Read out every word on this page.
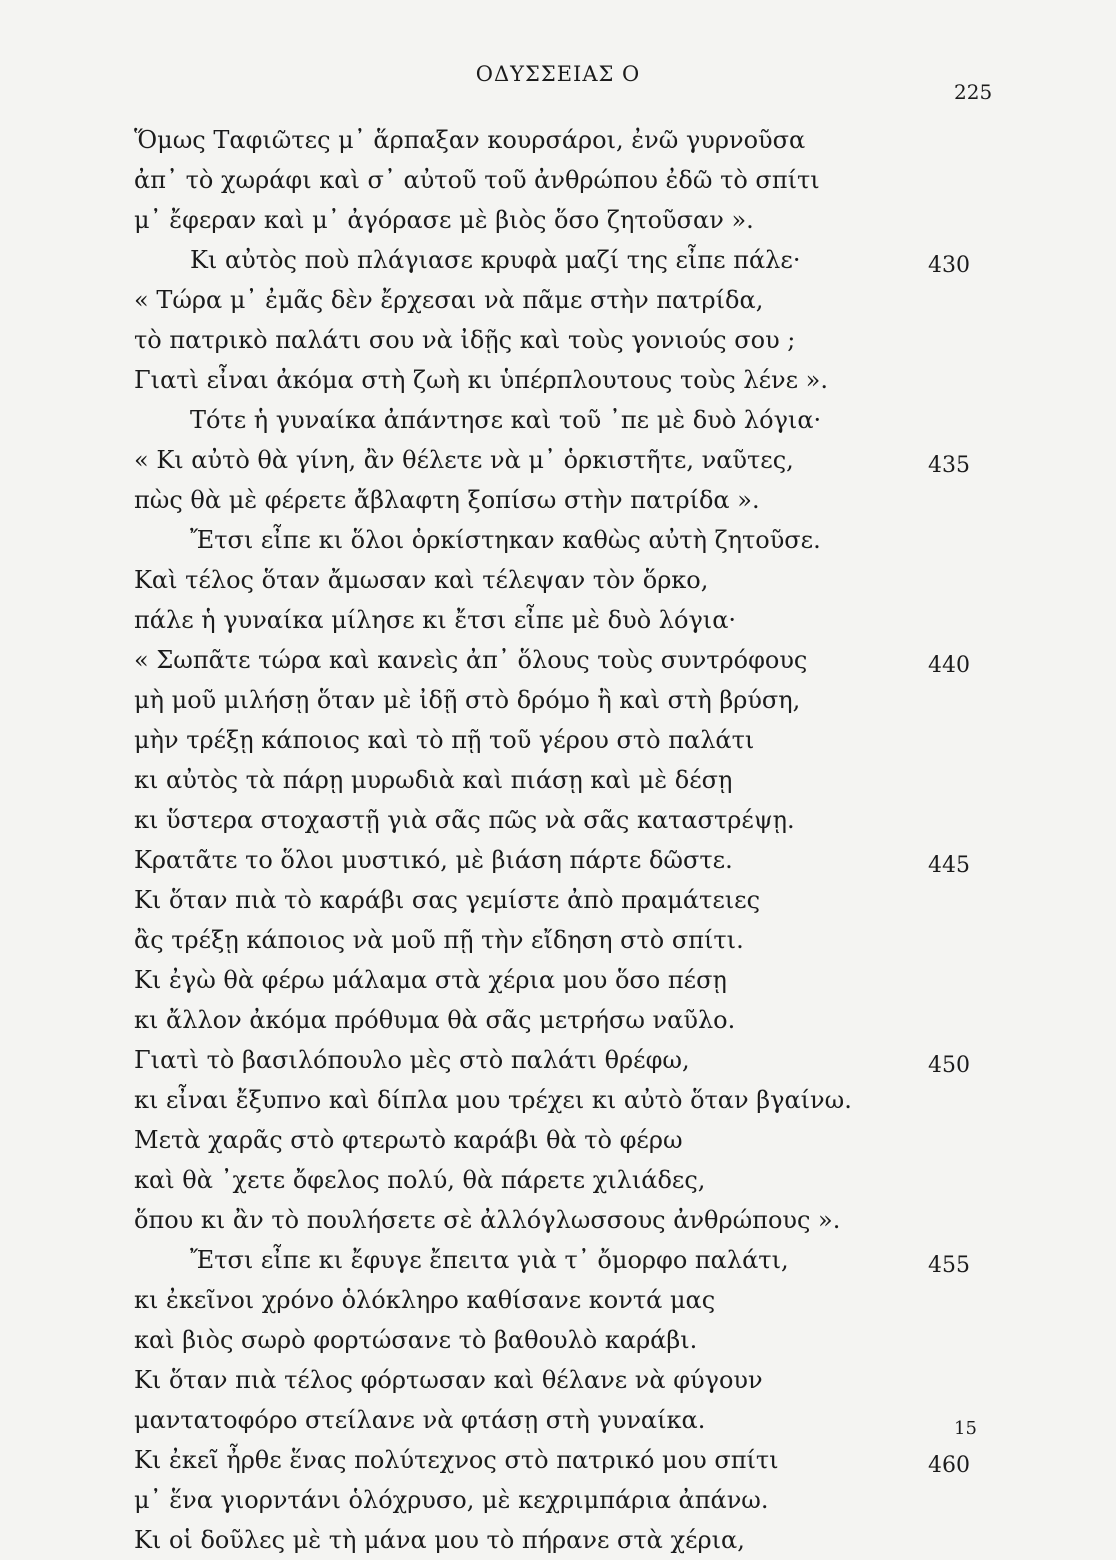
ΟΔΥΣΣΕΙΑΣ Ο
225
Ὅμως Ταφιῶτες μ᾽ ἅρπαξαν κουρσάροι, ἐνῶ γυρνοῦσα
ἀπ᾽ τὸ χωράφι καὶ σ᾽ αὐτοῦ τοῦ ἀνθρώπου ἐδῶ τὸ σπίτι
μ᾽ ἔφεραν καὶ μ᾽ ἀγόρασε μὲ βιὸς ὅσο ζητοῦσαν ».
Κι αὐτὸς ποὺ πλάγιασε κρυφὰ μαζί της εἶπε πάλε·	430
« Τώρα μ᾽ ἐμᾶς δὲν ἔρχεσαι νὰ πᾶμε στὴν πατρίδα,
τὸ πατρικὸ παλάτι σου νὰ ἰδῇς καὶ τοὺς γονιούς σου ;
Γιατὶ εἶναι ἀκόμα στὴ ζωὴ κι ὑπέρπλουτους τοὺς λένε ».
Τότε ἡ γυναίκα ἀπάντησε καὶ τοῦ ᾽πε μὲ δυὸ λόγια·
« Κι αὐτὸ θὰ γίνη, ἂν θέλετε νὰ μ᾽ ὁρκιστῆτε, ναῦτες,	435
πὼς θὰ μὲ φέρετε ἄβλαφτη ξοπίσω στὴν πατρίδα ».
Ἔτσι εἶπε κι ὅλοι ὁρκίστηκαν καθὼς αὐτὴ ζητοῦσε.
Καὶ τέλος ὅταν ἄμωσαν καὶ τέλεψαν τὸν ὅρκο,
πάλε ἡ γυναίκα μίλησε κι ἔτσι εἶπε μὲ δυὸ λόγια·
« Σωπᾶτε τώρα καὶ κανεὶς ἀπ᾽ ὅλους τοὺς συντρόφους	440
μὴ μοῦ μιλήσῃ ὅταν μὲ ἰδῇ στὸ δρόμο ἢ καὶ στὴ βρύση,
μὴν τρέξῃ κάποιος καὶ τὸ πῇ τοῦ γέρου στὸ παλάτι
κι αὐτὸς τὰ πάρῃ μυρωδιὰ καὶ πιάσῃ καὶ μὲ δέσῃ
κι ὕστερα στοχαστῇ γιὰ σᾶς πῶς νὰ σᾶς καταστρέψῃ.
Κρατᾶτε το ὅλοι μυστικό, μὲ βιάση πάρτε δῶστε.	445
Κι ὅταν πιὰ τὸ καράβι σας γεμίστε ἀπὸ πραμάτειες
ἂς τρέξῃ κάποιος νὰ μοῦ πῇ τὴν εἴδηση στὸ σπίτι.
Κι ἐγὼ θὰ φέρω μάλαμα στὰ χέρια μου ὅσο πέσῃ
κι ἄλλον ἀκόμα πρόθυμα θὰ σᾶς μετρήσω ναῦλο.
Γιατὶ τὸ βασιλόπουλο μὲς στὸ παλάτι θρέφω,	450
κι εἶναι ἔξυπνο καὶ δίπλα μου τρέχει κι αὐτὸ ὅταν βγαίνω.
Μετὰ χαρᾶς στὸ φτερωτὸ καράβι θὰ τὸ φέρω
καὶ θὰ ᾽χετε ὄφελος πολύ, θὰ πάρετε χιλιάδες,
ὅπου κι ἂν τὸ πουλήσετε σὲ ἀλλόγλωσσους ἀνθρώπους ».
Ἔτσι εἶπε κι ἔφυγε ἔπειτα γιὰ τ᾽ ὄμορφο παλάτι,	455
κι ἐκεῖνοι χρόνο ὁλόκληρο καθίσανε κοντά μας
καὶ βιὸς σωρὸ φορτώσανε τὸ βαθουλὸ καράβι.
Κι ὅταν πιὰ τέλος φόρτωσαν καὶ θέλανε νὰ φύγουν
μαντατοφόρο στείλανε νὰ φτάσῃ στὴ γυναίκα.
Κι ἐκεῖ ἦρθε ἕνας πολύτεχνος στὸ πατρικό μου σπίτι	460
μ᾽ ἕνα γιορντάνι ὁλόχρυσο, μὲ κεχριμπάρια ἀπάνω.
Κι οἱ δοῦλες μὲ τὴ μάνα μου τὸ πήρανε στὰ χέρια,
15
